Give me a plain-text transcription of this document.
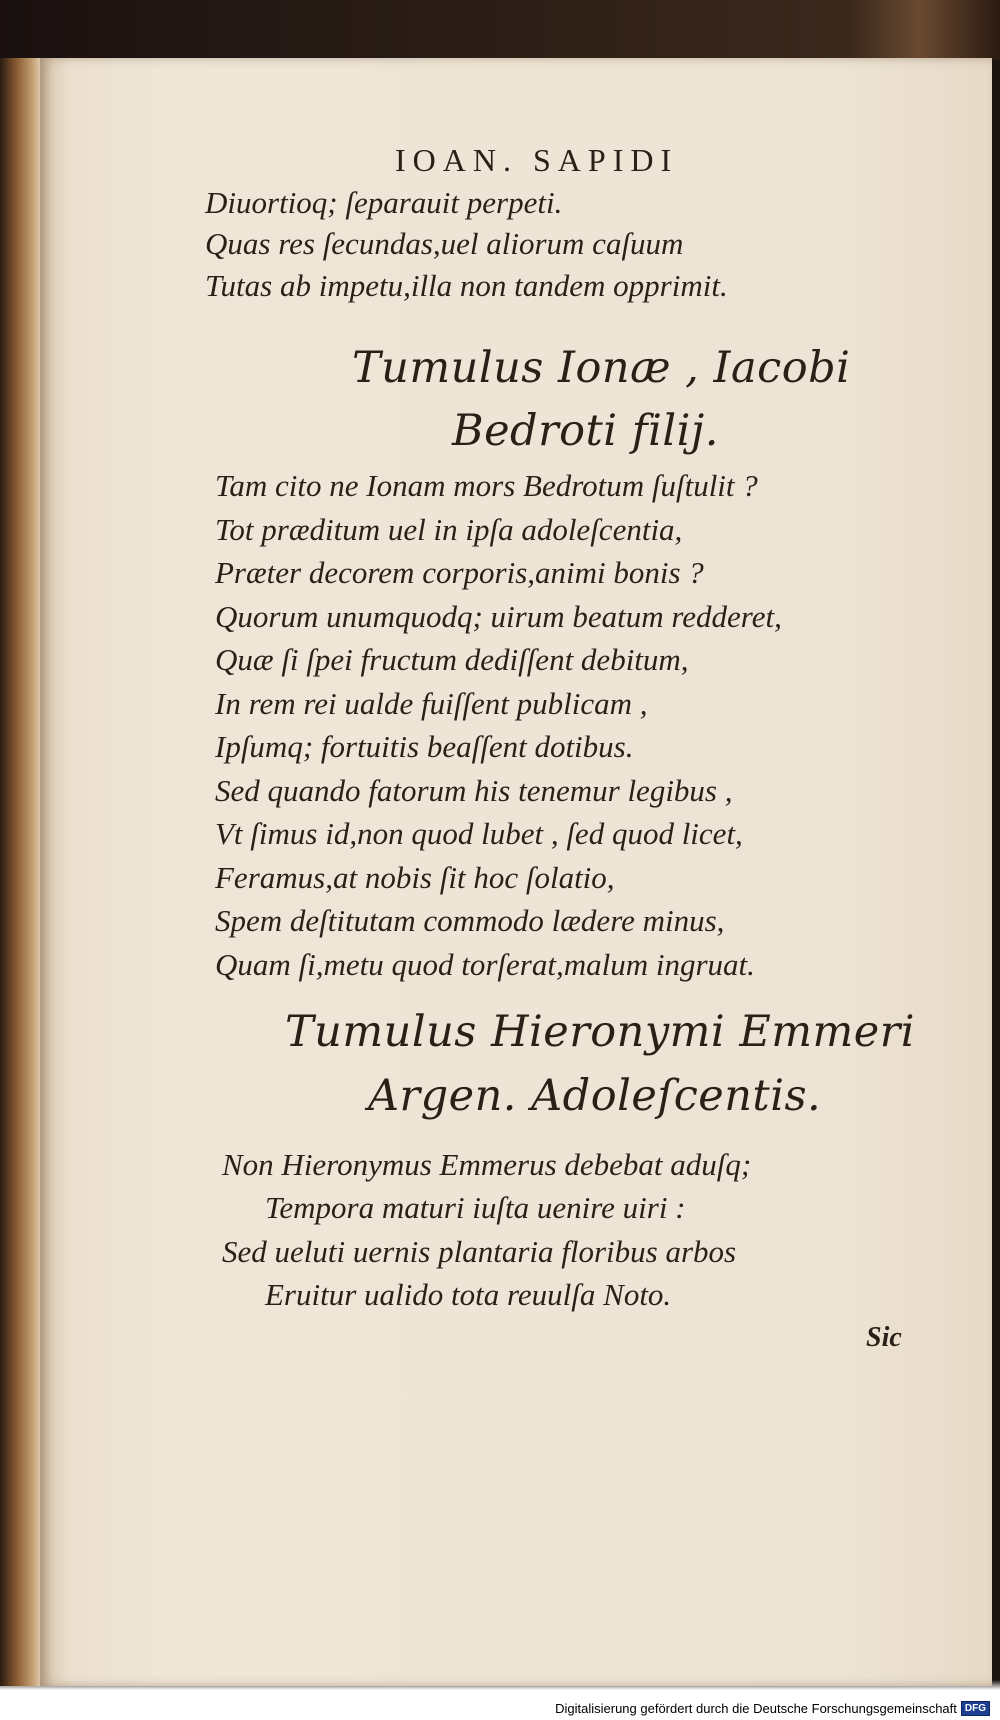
IOAN. SAPIDI
Diuortioq; ſeparauit perpeti.
Quas res ſecundas,uel aliorum caſuum
Tutas ab impetu,illa non tandem opprimit.
Tumulus Ionæ , Iacobi
Bedroti filij.
Tam cito ne Ionam mors Bedrotum ſuſtulit ?
Tot præditum uel in ipſa adoleſcentia,
Præter decorem corporis,animi bonis ?
Quorum unumquodq; uirum beatum redderet,
Quæ ſi ſpei fructum dediſſent debitum,
In rem rei ualde fuiſſent publicam ,
Ipſumq; fortuitis beaſſent dotibus.
Sed quando fatorum his tenemur legibus ,
Vt ſimus id,non quod lubet , ſed quod licet,
Feramus,at nobis ſit hoc ſolatio,
Spem deſtitutam commodo lædere minus,
Quam ſi,metu quod torſerat,malum ingruat.
Tumulus Hieronymi Emmeri
Argen. Adoleſcentis.
Non Hieronymus Emmerus debebat aduſq;
Tempora maturi iuſta uenire uiri :
Sed ueluti uernis plantaria floribus arbos
Eruitur ualido tota reuulſa Noto.
Sic
Digitalisierung gefördert durch die Deutsche Forschungsgemeinschaft DFG
